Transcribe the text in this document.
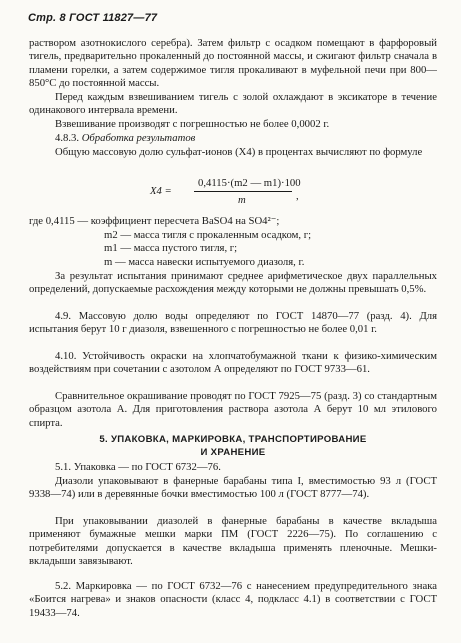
Стр. 8 ГОСТ 11827—77
раствором азотнокислого серебра). Затем фильтр с осадком помещают в фарфоровый тигель, предварительно прокаленный до постоянной массы, и сжигают фильтр сначала в пламени горелки, а затем содержимое тигля прокаливают в муфельной печи при 800—850°С до постоянной массы.
Перед каждым взвешиванием тигель с золой охлаждают в эксикаторе в течение одинакового интервала времени.
Взвешивание производят с погрешностью не более 0,0002 г.
4.8.3. Обработка результатов
Общую массовую долю сульфат-ионов (X4) в процентах вычисляют по формуле
X4 =
0,4115·(m2 — m1)·100
m	,
где 0,4115 — коэффициент пересчета BaSO4 на SO4²⁻;
m2 — масса тигля с прокаленным осадком, г;
m1 — масса пустого тигля, г;
m — масса навески испытуемого диазоля, г.
За результат испытания принимают среднее арифметическое двух параллельных определений, допускаемые расхождения между которыми не должны превышать 0,5%.
4.9. Массовую долю воды определяют по ГОСТ 14870—77 (разд. 4). Для испытания берут 10 г диазоля, взвешенного с погрешностью не более 0,01 г.
4.10. Устойчивость окраски на хлопчатобумажной ткани к физико-химическим воздействиям при сочетании с азотолом А определяют по ГОСТ 9733—61.
Сравнительное окрашивание проводят по ГОСТ 7925—75 (разд. 3) со стандартным образцом азотола А. Для приготовления раствора азотола А берут 10 мл этилового спирта.
5. УПАКОВКА, МАРКИРОВКА, ТРАНСПОРТИРОВАНИЕ
И ХРАНЕНИЕ
5.1. Упаковка — по ГОСТ 6732—76.
Диазоли упаковывают в фанерные барабаны типа I, вместимостью 93 л (ГОСТ 9338—74) или в деревянные бочки вместимостью 100 л (ГОСТ 8777—74).
При упаковывании диазолей в фанерные барабаны в качестве вкладыша применяют бумажные мешки марки ПМ (ГОСТ 2226—75). По соглашению с потребителями допускается в качестве вкладыша применять пленочные. Мешки-вкладыши завязывают.
5.2. Маркировка — по ГОСТ 6732—76 с нанесением предупредительного знака «Боится нагрева» и знаков опасности (класс 4, подкласс 4.1) в соответствии с ГОСТ 19433—74.
